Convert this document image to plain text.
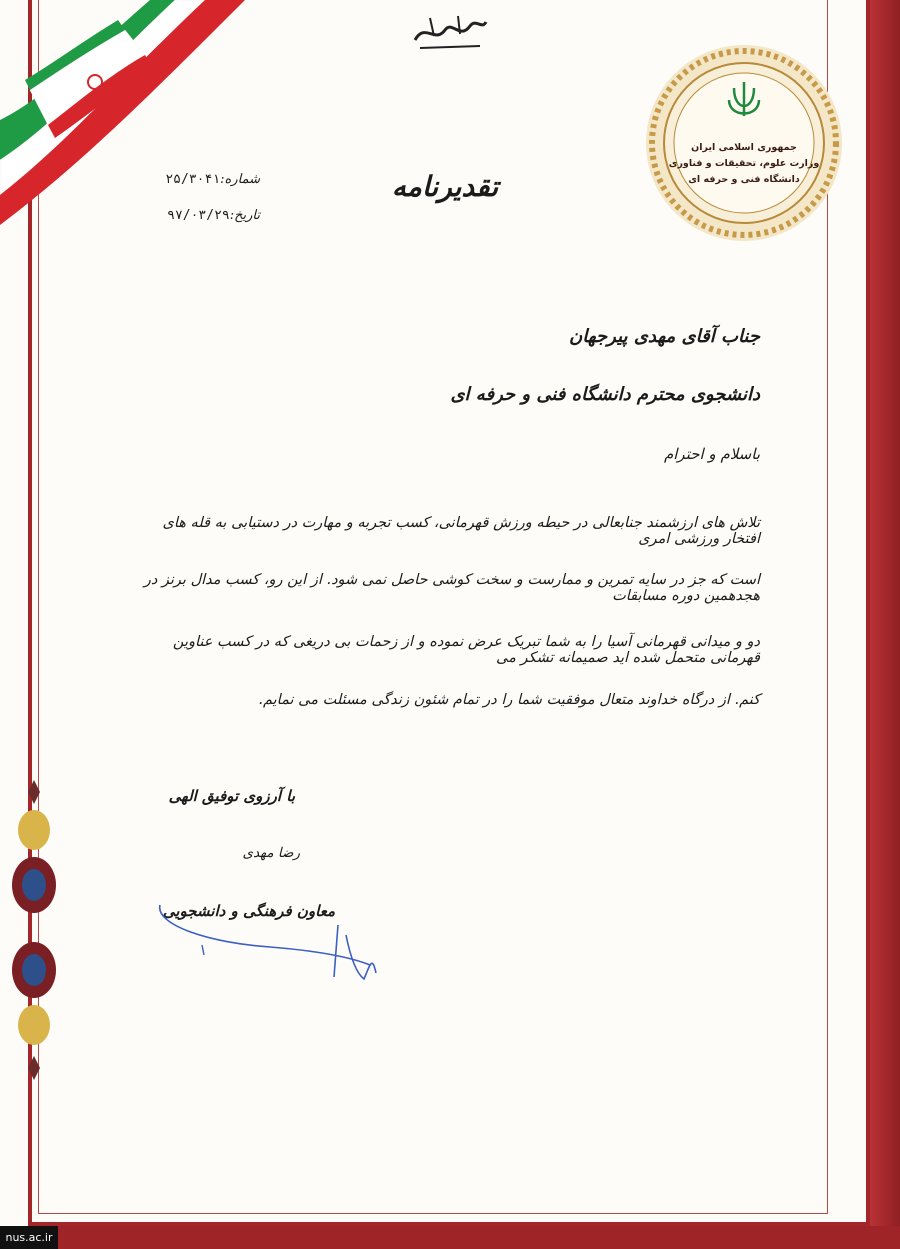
بسم الله الرحمن الرحیم
جمهوری اسلامی ایران
وزارت علوم، تحقیقات و فناوری
دانشگاه فنی و حرفه ای
تقدیرنامه
شماره:۲۵/۳۰۴۱
تاریخ:۹۷/۰۳/۲۹
جناب آقای مهدی پیرجهان
دانشجوی محترم دانشگاه فنی و حرفه ای
باسلام و احترام
تلاش های ارزشمند جنابعالی در حیطه ورزش قهرمانی، کسب تجربه و مهارت در دستیابی به قله های افتخار ورزشی امری
است که جز در سایه تمرین و ممارست و سخت کوشی حاصل نمی شود. از این رو، کسب مدال برنز در هجدهمین دوره مسابقات
دو و میدانی قهرمانی آسیا را به شما تبریک عرض نموده و از زحمات بی دریغی که در کسب عناوین قهرمانی متحمل شده اید صمیمانه تشکر می
کنم. از درگاه خداوند متعال موفقیت شما را در تمام شئون زندگی مسئلت می نمایم.
با آرزوی توفیق الهی
رضا مهدی
معاون فرهنگی و دانشجویی
nus.ac.ir
